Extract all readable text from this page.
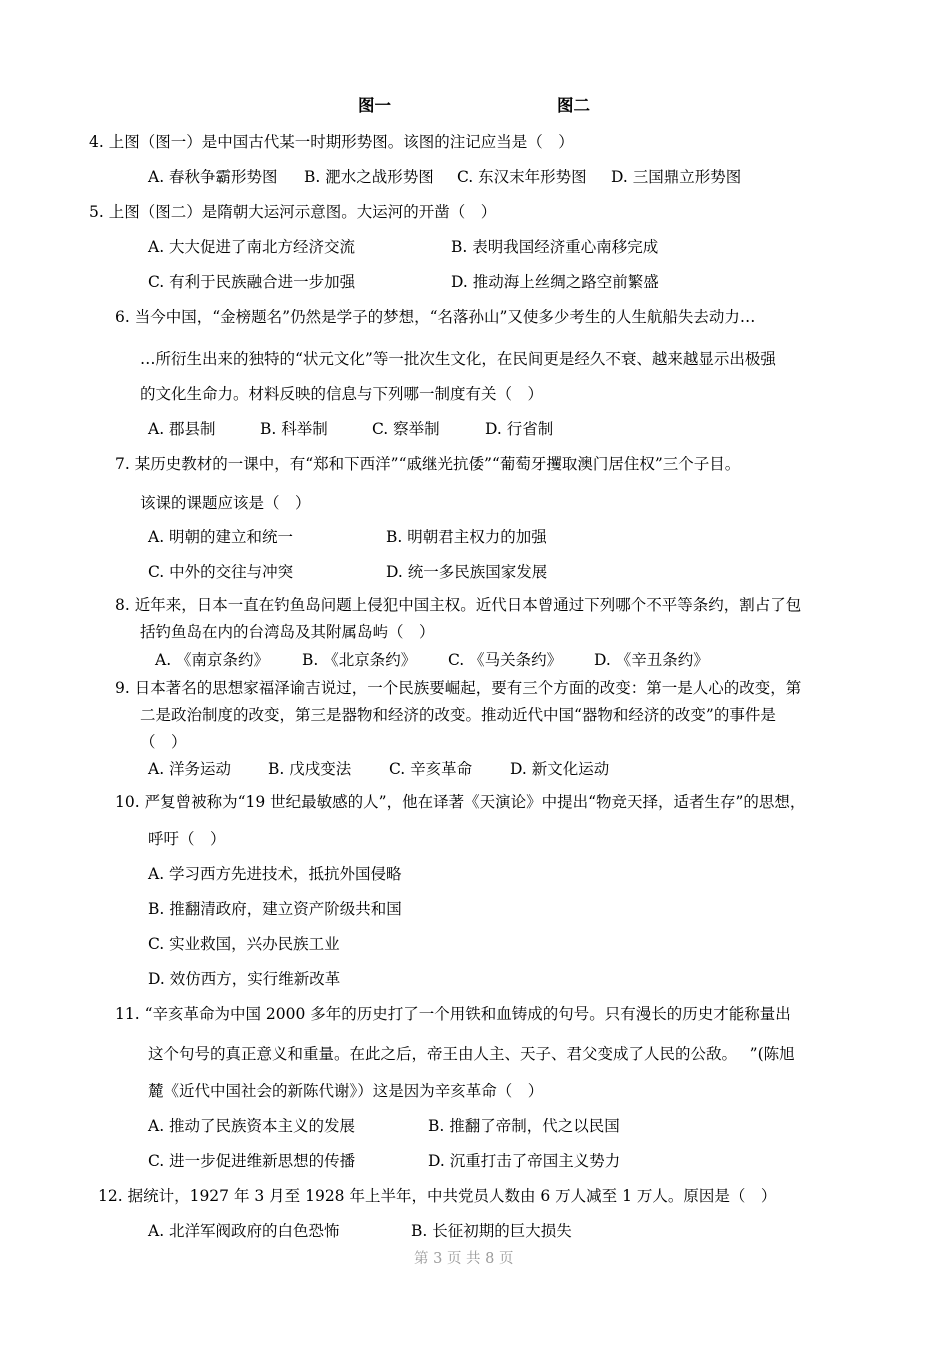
图一	图二
4. 上图（图一）是中国古代某一时期形势图。该图的注记应当是（　）
A. 春秋争霸形势图 B. 淝水之战形势图 C. 东汉末年形势图 D. 三国鼎立形势图
5. 上图（图二）是隋朝大运河示意图。大运河的开凿（　）
A. 大大促进了南北方经济交流	B. 表明我国经济重心南移完成
C. 有利于民族融合进一步加强	D. 推动海上丝绸之路空前繁盛
6. 当今中国，“金榜题名”仍然是学子的梦想，“名落孙山”又使多少考生的人生航船失去动力…
…所衍生出来的独特的“状元文化”等一批次生文化，在民间更是经久不衰、越来越显示出极强
的文化生命力。材料反映的信息与下列哪一制度有关（　）
A. 郡县制	B. 科举制	C. 察举制	D. 行省制
7. 某历史教材的一课中，有“郑和下西洋”“戚继光抗倭”“葡萄牙攫取澳门居住权”三个子目。
该课的课题应该是（　）
A. 明朝的建立和统一	B. 明朝君主权力的加强
C. 中外的交往与冲突	D. 统一多民族国家发展
8. 近年来，日本一直在钓鱼岛问题上侵犯中国主权。近代日本曾通过下列哪个不平等条约，割占了包
括钓鱼岛在内的台湾岛及其附属岛屿（　）
A. 《南京条约》 B. 《北京条约》 C. 《马关条约》 D. 《辛丑条约》
9. 日本著名的思想家福泽谕吉说过，一个民族要崛起，要有三个方面的改变：第一是人心的改变，第
二是政治制度的改变，第三是器物和经济的改变。推动近代中国“器物和经济的改变”的事件是
（　）
A. 洋务运动 B. 戊戌变法 C. 辛亥革命 D. 新文化运动
10. 严复曾被称为“19 世纪最敏感的人”，他在译著《天演论》中提出“物竞天择，适者生存”的思想，
呼吁（　）
A. 学习西方先进技术，抵抗外国侵略
B. 推翻清政府，建立资产阶级共和国
C. 实业救国，兴办民族工业
D. 效仿西方，实行维新改革
11. “辛亥革命为中国 2000 多年的历史打了一个用铁和血铸成的句号。只有漫长的历史才能称量出
这个句号的真正意义和重量。在此之后，帝王由人主、天子、君父变成了人民的公敌。　 ”(陈旭
麓《近代中国社会的新陈代谢》）这是因为辛亥革命（　）
A. 推动了民族资本主义的发展	B. 推翻了帝制，代之以民国
C. 进一步促进维新思想的传播	D. 沉重打击了帝国主义势力
12. 据统计，1927 年 3 月至 1928 年上半年，中共党员人数由 6 万人减至 1 万人。原因是（　）
A. 北洋军阀政府的白色恐怖	B. 长征初期的巨大损失
第 3 页 共 8 页
